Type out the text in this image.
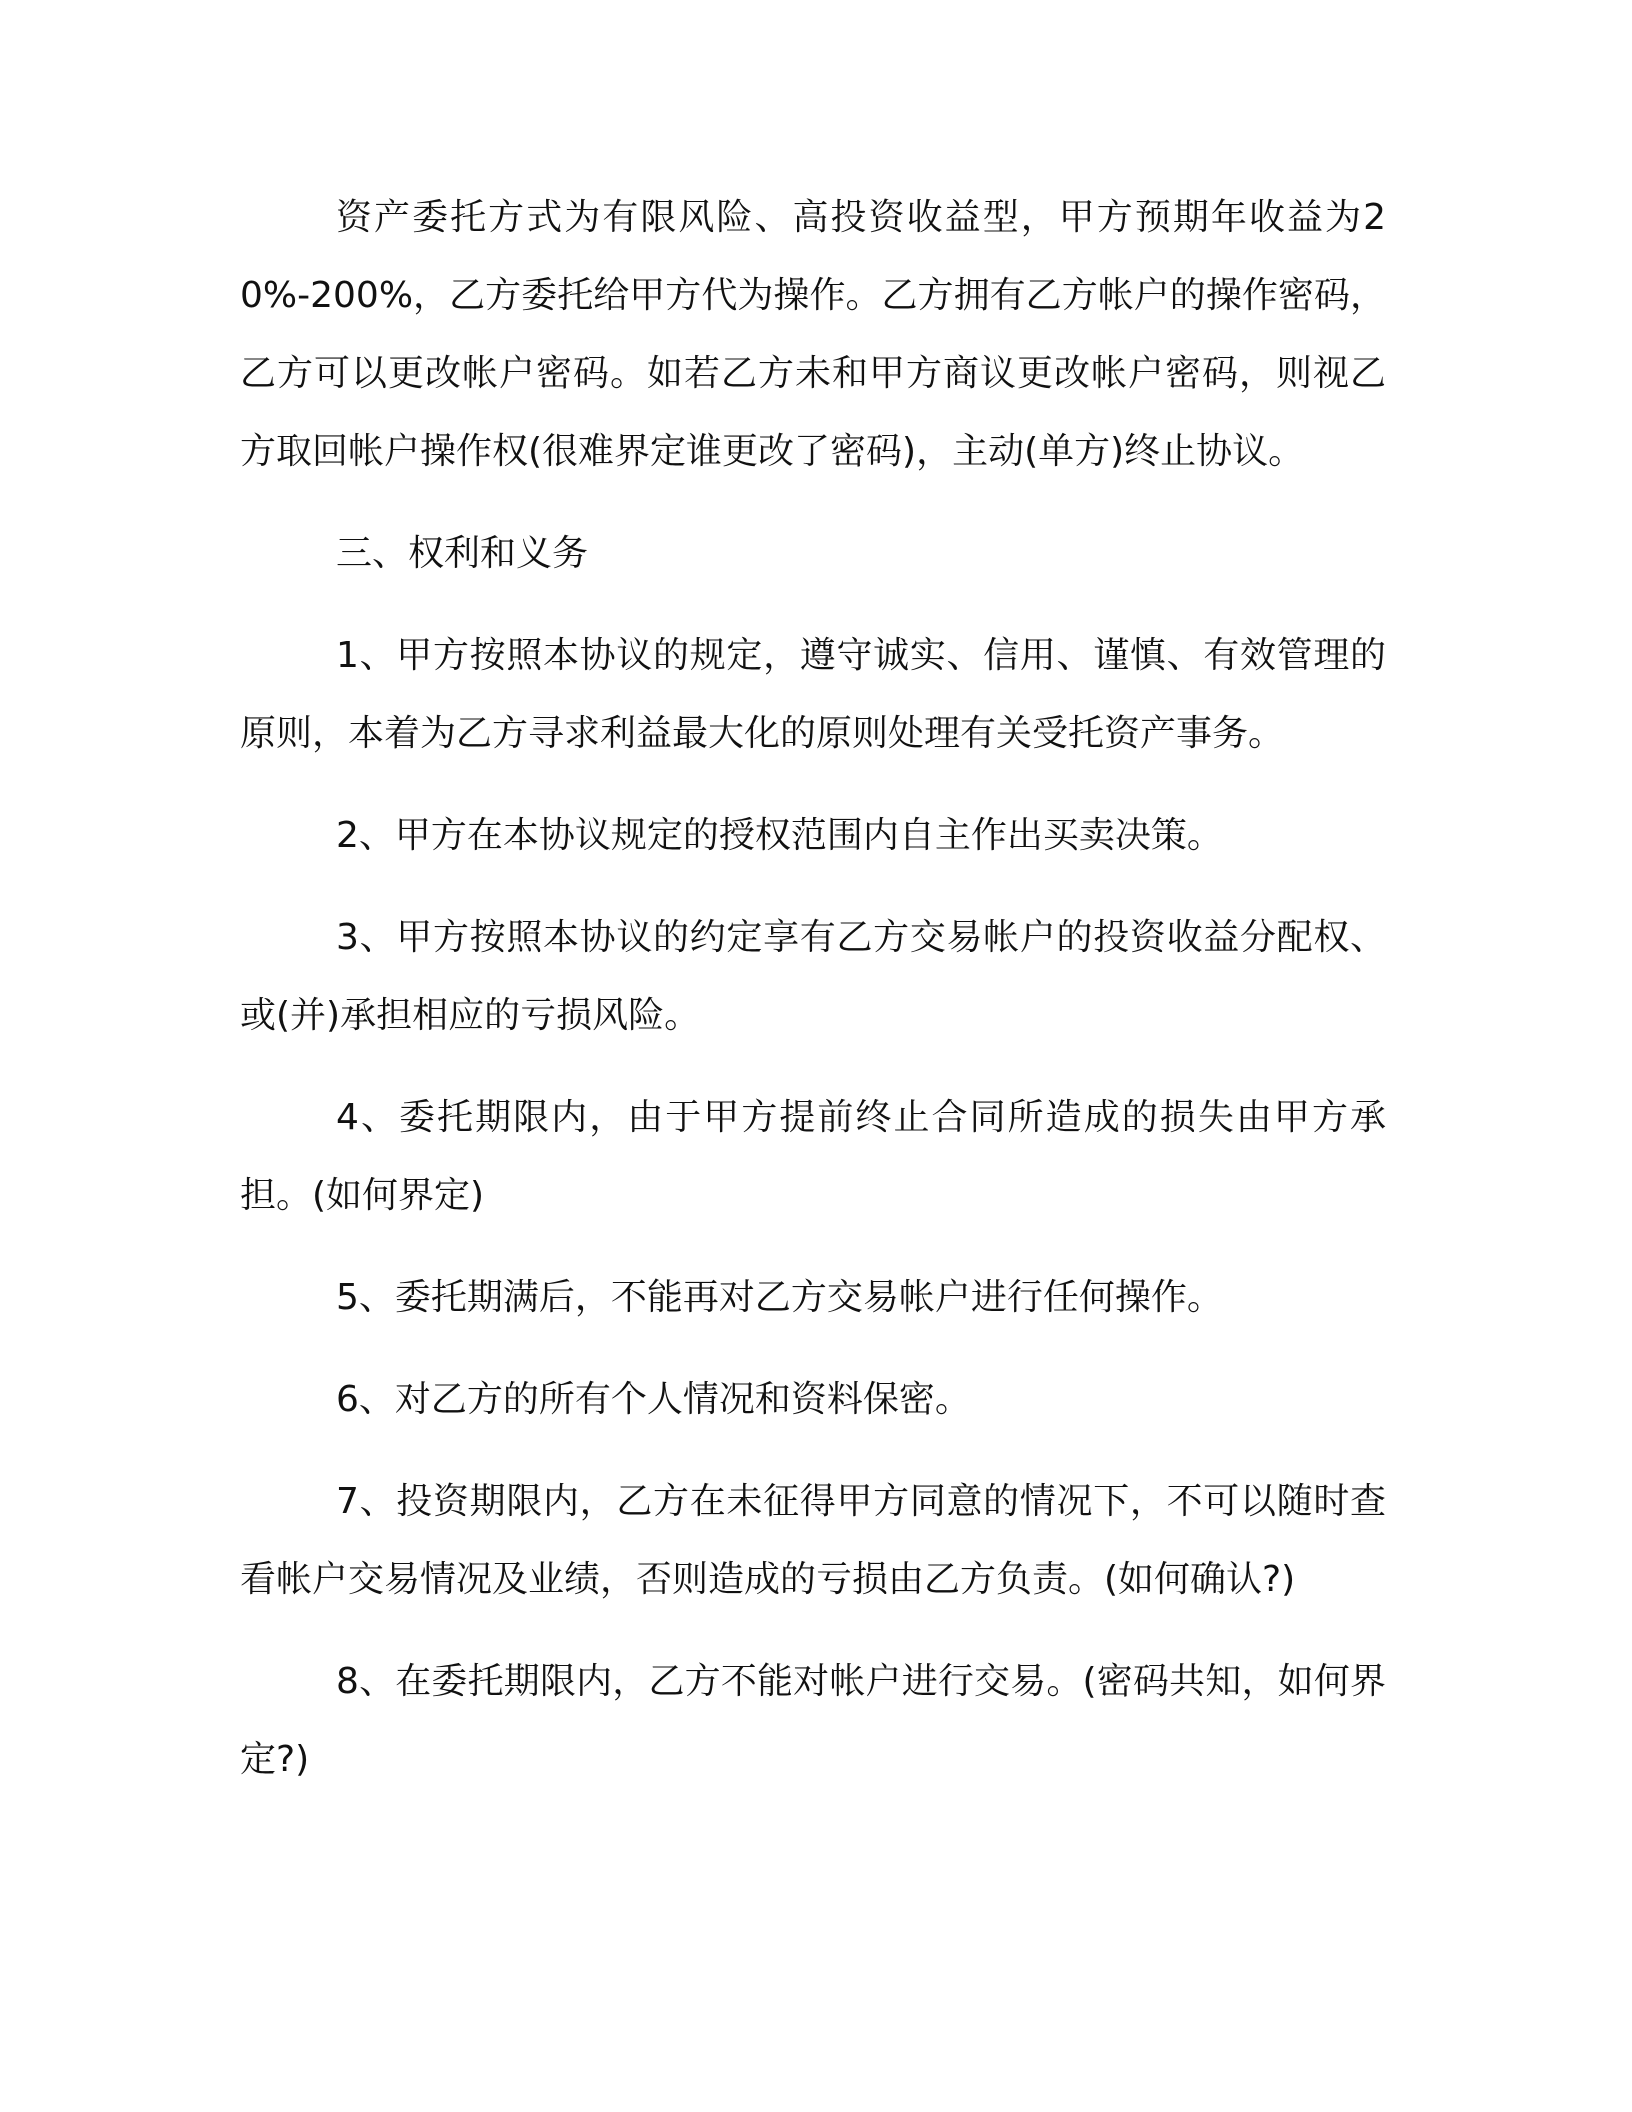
资产委托方式为有限风险、高投资收益型，甲方预期年收益为20%-200%，乙方委托给甲方代为操作。乙方拥有乙方帐户的操作密码，乙方可以更改帐户密码。如若乙方未和甲方商议更改帐户密码，则视乙方取回帐户操作权(很难界定谁更改了密码)，主动(单方)终止协议。

三、权利和义务

1、甲方按照本协议的规定，遵守诚实、信用、谨慎、有效管理的原则，本着为乙方寻求利益最大化的原则处理有关受托资产事务。

2、甲方在本协议规定的授权范围内自主作出买卖决策。

3、甲方按照本协议的约定享有乙方交易帐户的投资收益分配权、或(并)承担相应的亏损风险。

4、委托期限内，由于甲方提前终止合同所造成的损失由甲方承担。(如何界定)

5、委托期满后，不能再对乙方交易帐户进行任何操作。

6、对乙方的所有个人情况和资料保密。

7、投资期限内，乙方在未征得甲方同意的情况下，不可以随时查看帐户交易情况及业绩，否则造成的亏损由乙方负责。(如何确认?)

8、在委托期限内，乙方不能对帐户进行交易。(密码共知，如何界定?)
